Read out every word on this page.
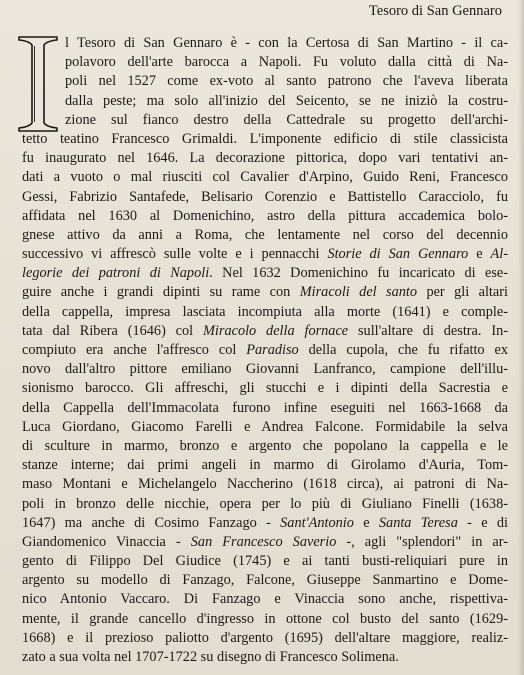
Tesoro di San Gennaro
l Tesoro di San Gennaro è - con la Certosa di San Martino - il ca-
polavoro dell'arte barocca a Napoli. Fu voluto dalla città di Na-
poli nel 1527 come ex-voto al santo patrono che l'aveva liberata
dalla peste; ma solo all'inizio del Seicento, se ne iniziò la costru-
zione sul fianco destro della Cattedrale su progetto dell'archi-
tetto teatino Francesco Grimaldi. L'imponente edificio di stile classicista
fu inaugurato nel 1646. La decorazione pittorica, dopo vari tentativi an-
dati a vuoto o mal riusciti col Cavalier d'Arpino, Guido Reni, Francesco
Gessi, Fabrizio Santafede, Belisario Corenzio e Battistello Caracciolo, fu
affidata nel 1630 al Domenichino, astro della pittura accademica bolo-
gnese attivo da anni a Roma, che lentamente nel corso del decennio
successivo vi affrescò sulle volte e i pennacchi Storie di San Gennaro e Al-
legorie dei patroni di Napoli. Nel 1632 Domenichino fu incaricato di ese-
guire anche i grandi dipinti su rame con Miracoli del santo per gli altari
della cappella, impresa lasciata incompiuta alla morte (1641) e comple-
tata dal Ribera (1646) col Miracolo della fornace sull'altare di destra. In-
compiuto era anche l'affresco col Paradiso della cupola, che fu rifatto ex
novo dall'altro pittore emiliano Giovanni Lanfranco, campione dell'illu-
sionismo barocco. Gli affreschi, gli stucchi e i dipinti della Sacrestia e
della Cappella dell'Immacolata furono infine eseguiti nel 1663-1668 da
Luca Giordano, Giacomo Farelli e Andrea Falcone. Formidabile la selva
di sculture in marmo, bronzo e argento che popolano la cappella e le
stanze interne; dai primi angeli in marmo di Girolamo d'Auria, Tom-
maso Montani e Michelangelo Naccherino (1618 circa), ai patroni di Na-
poli in bronzo delle nicchie, opera per lo più di Giuliano Finelli (1638-
1647) ma anche di Cosimo Fanzago - Sant'Antonio e Santa Teresa - e di
Giandomenico Vinaccia - San Francesco Saverio -, agli "splendori" in ar-
gento di Filippo Del Giudice (1745) e ai tanti busti-reliquiari pure in
argento su modello di Fanzago, Falcone, Giuseppe Sanmartino e Dome-
nico Antonio Vaccaro. Di Fanzago e Vinaccia sono anche, rispettiva-
mente, il grande cancello d'ingresso in ottone col busto del santo (1629-
1668) e il prezioso paliotto d'argento (1695) dell'altare maggiore, realiz-
zato a sua volta nel 1707-1722 su disegno di Francesco Solimena.
